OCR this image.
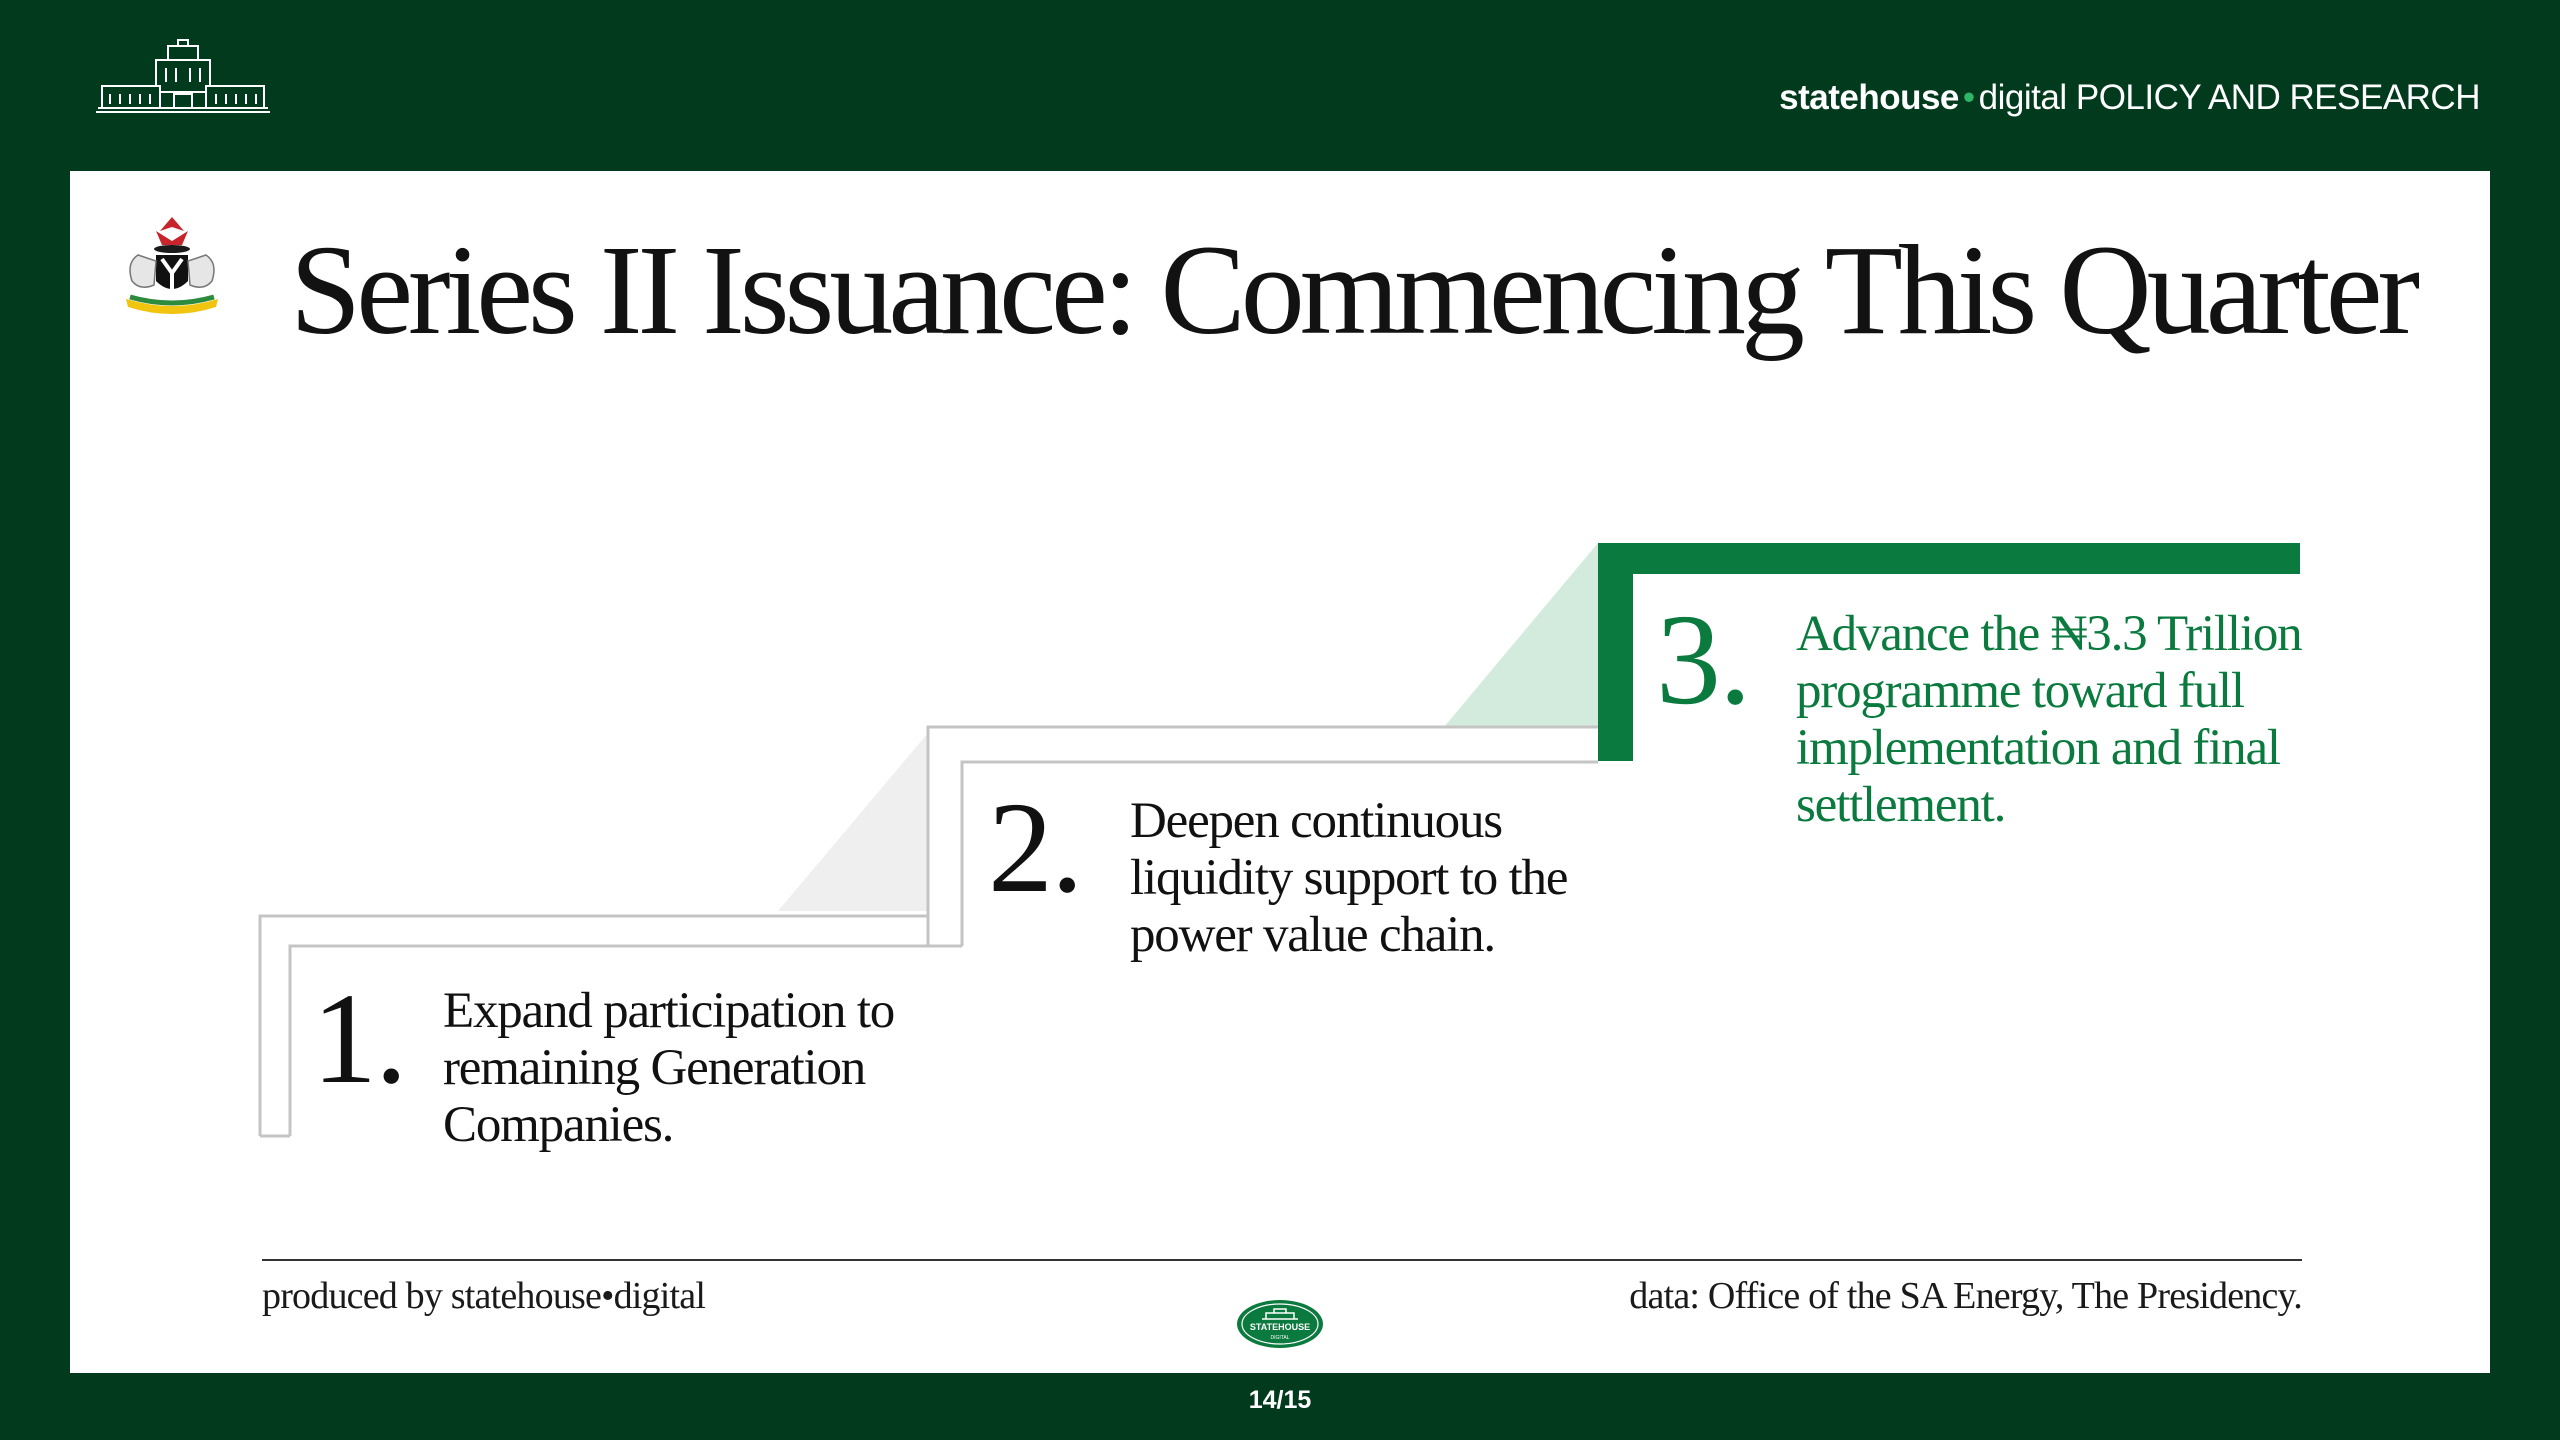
statehouse • digital POLICY AND RESEARCH
Series II Issuance: Commencing This Quarter
1. Expand participation to remaining Generation Companies.
2. Deepen continuous liquidity support to the power value chain.
3. Advance the ₦3.3 Trillion programme toward full implementation and final settlement.
produced by statehouse•digital
STATEHOUSE
DIGITAL
data: Office of the SA Energy, The Presidency.
14/15
